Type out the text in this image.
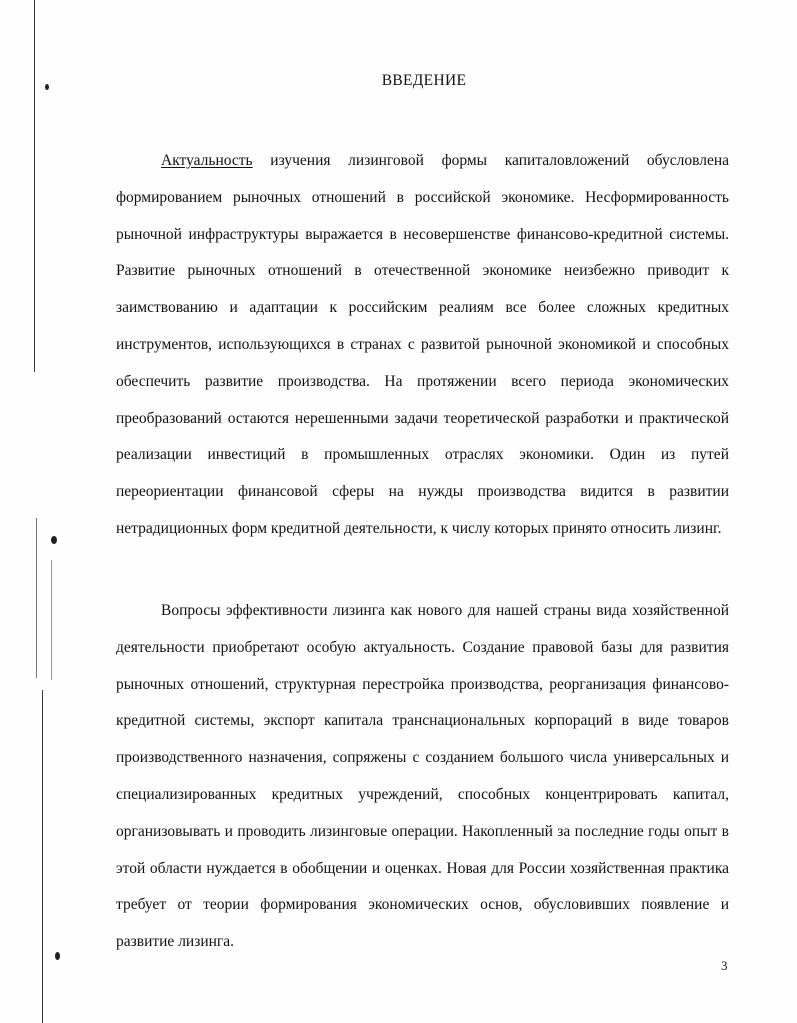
ВВЕДЕНИЕ

Актуальность изучения лизинговой формы капиталовложений обусловлена формированием рыночных отношений в российской экономике. Несформированность рыночной инфраструктуры выражается в несовершенстве финансово-кредитной системы. Развитие рыночных отношений в отечественной экономике неизбежно приводит к заимствованию и адаптации к российским реалиям все более сложных кредитных инструментов, использующихся в странах с развитой рыночной экономикой и способных обеспечить развитие производства. На протяжении всего периода экономических преобразований остаются нерешенными задачи теоретической разработки и практической реализации инвестиций в промышленных отраслях экономики. Один из путей переориентации финансовой сферы на нужды производства видится в развитии нетрадиционных форм кредитной деятельности, к числу которых принято относить лизинг.

Вопросы эффективности лизинга как нового для нашей страны вида хозяйственной деятельности приобретают особую актуальность. Создание правовой базы для развития рыночных отношений, структурная перестройка производства, реорганизация финансово-кредитной системы, экспорт капитала транснациональных корпораций в виде товаров производственного назначения, сопряжены с созданием большого числа универсальных и специализированных кредитных учреждений, способных концентрировать капитал, организовывать и проводить лизинговые операции. Накопленный за последние годы опыт в этой области нуждается в обобщении и оценках. Новая для России хозяйственная практика требует от теории формирования экономических основ, обусловивших появление и развитие лизинга.

3
